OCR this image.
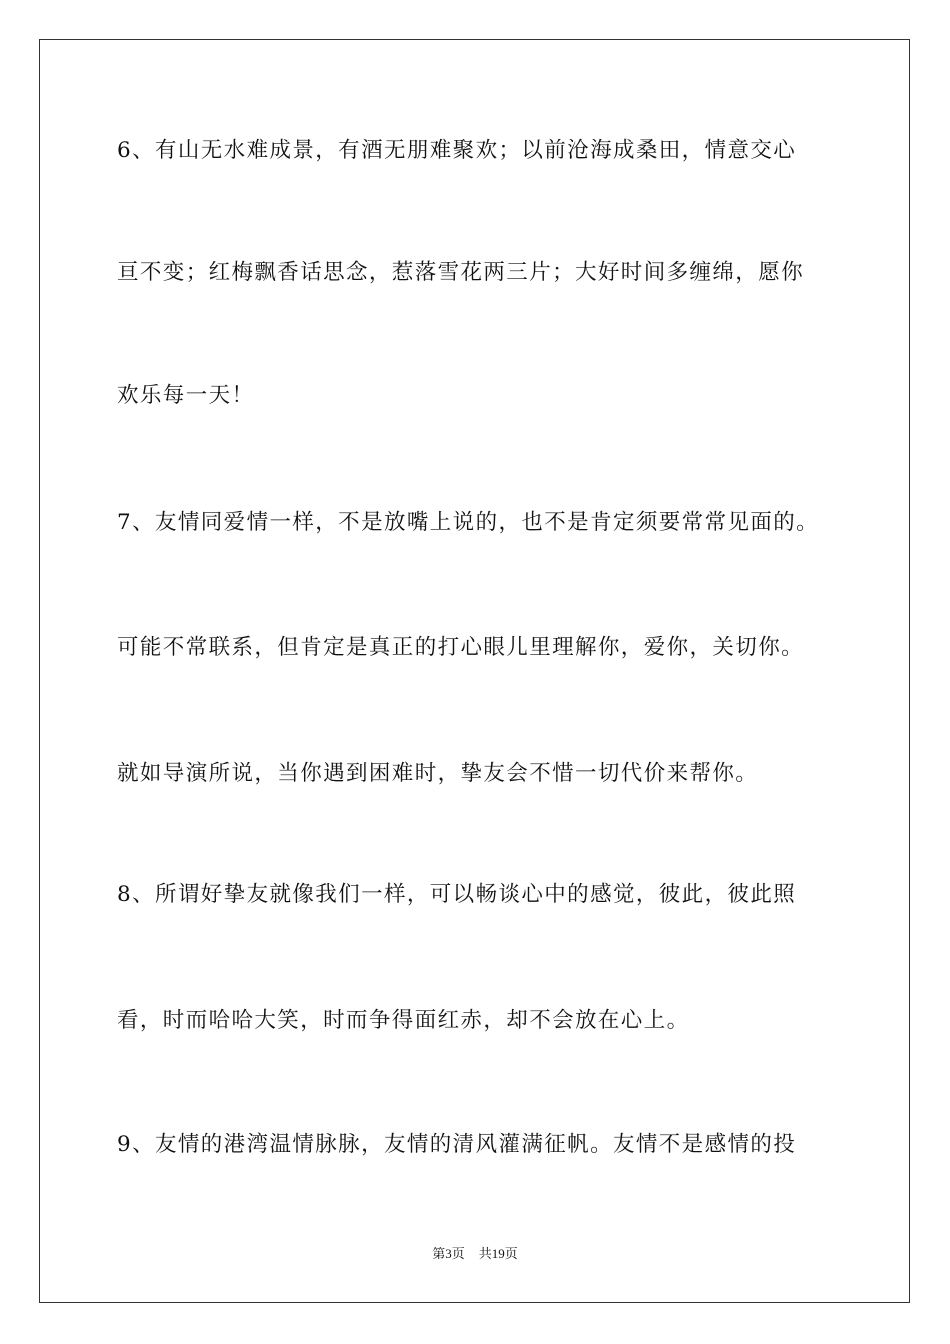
6、有山无水难成景，有酒无朋难聚欢；以前沧海成桑田，情意交心
亘不变；红梅飘香话思念，惹落雪花两三片；大好时间多缠绵，愿你
欢乐每一天！
7、友情同爱情一样，不是放嘴上说的，也不是肯定须要常常见面的。
可能不常联系，但肯定是真正的打心眼儿里理解你，爱你，关切你。
就如导演所说，当你遇到困难时，挚友会不惜一切代价来帮你。
8、所谓好挚友就像我们一样，可以畅谈心中的感觉，彼此，彼此照
看，时而哈哈大笑，时而争得面红赤，却不会放在心上。
9、友情的港湾温情脉脉，友情的清风灌满征帆。友情不是感情的投
第3页 共19页
